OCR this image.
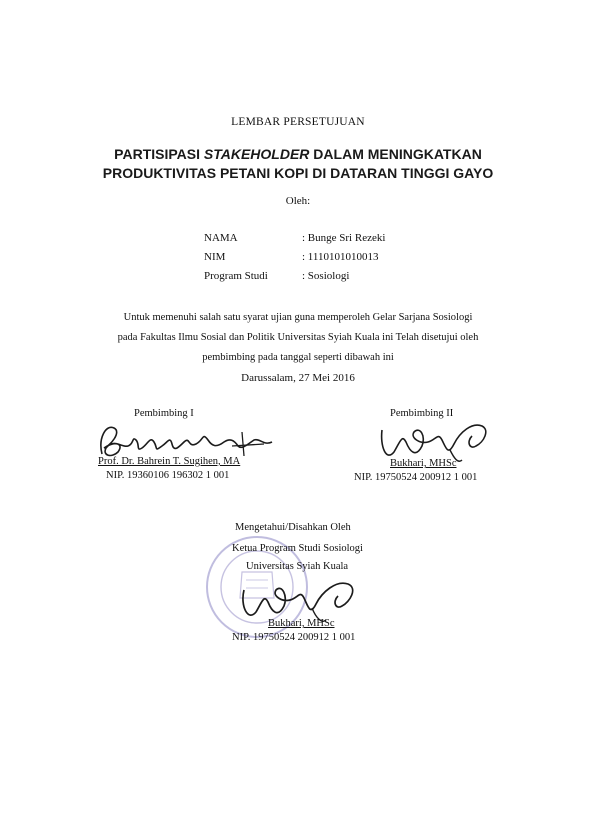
LEMBAR PERSETUJUAN
PARTISIPASI STAKEHOLDER DALAM MENINGKATKAN
PRODUKTIVITAS PETANI KOPI DI DATARAN TINGGI GAYO
Oleh:
NAMA	: Bunge Sri Rezeki
NIM	: 1110101010013
Program Studi	: Sosiologi
Untuk memenuhi salah satu syarat ujian guna memperoleh Gelar Sarjana Sosiologi
pada Fakultas Ilmu Sosial dan Politik Universitas Syiah Kuala ini Telah disetujui oleh
pembimbing pada tanggal seperti dibawah ini
Darussalam, 27 Mei 2016
Pembimbing I
Prof. Dr. Bahrein T. Sugihen, MA
NIP. 19360106 196302 1 001
Pembimbing II
Bukhari, MHSc
NIP. 19750524 200912 1 001
Mengetahui/Disahkan Oleh
Ketua Program Studi Sosiologi
Universitas Syiah Kuala
Bukhari, MHSc
NIP. 19750524 200912 1 001
